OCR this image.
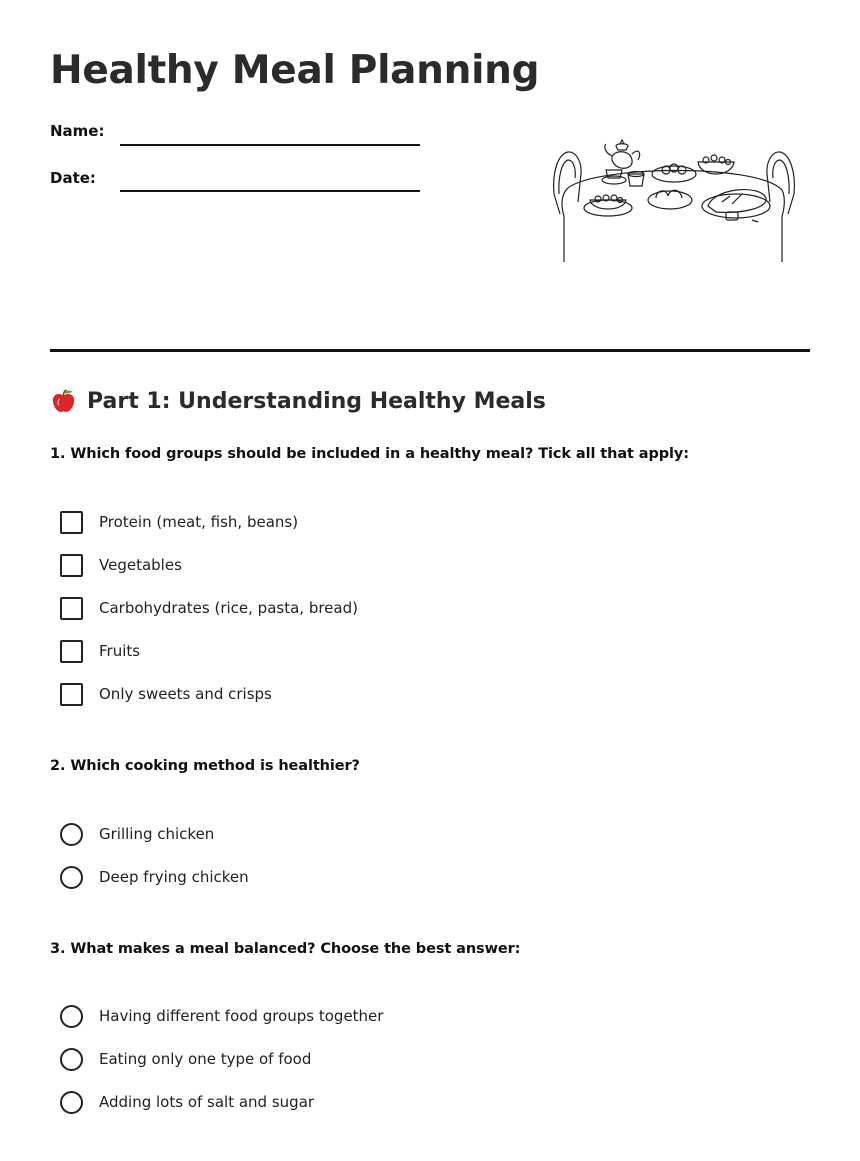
Healthy Meal Planning
Name:
Date:
Part 1: Understanding Healthy Meals
1. Which food groups should be included in a healthy meal? Tick all that apply:
Protein (meat, fish, beans)
Vegetables
Carbohydrates (rice, pasta, bread)
Fruits
Only sweets and crisps
2. Which cooking method is healthier?
Grilling chicken
Deep frying chicken
3. What makes a meal balanced? Choose the best answer:
Having different food groups together
Eating only one type of food
Adding lots of salt and sugar
